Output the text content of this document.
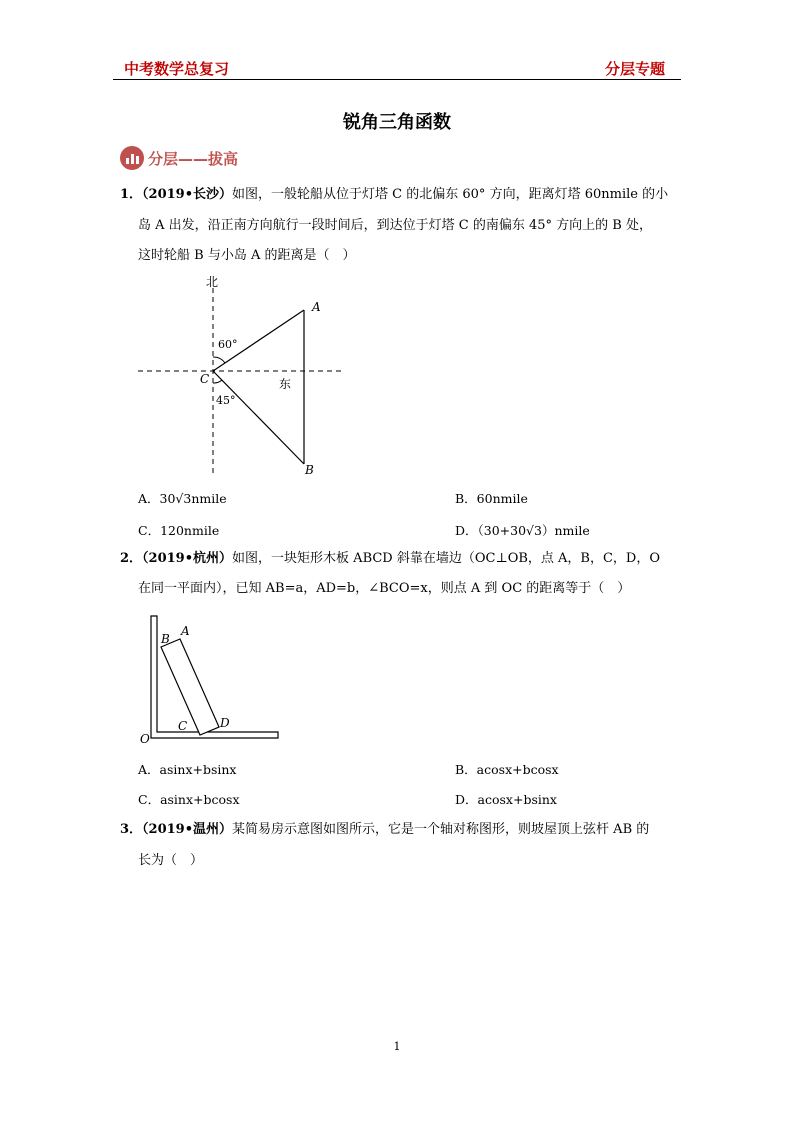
中考数学总复习	分层专题
锐角三角函数
分层——拔高
1．（2019•长沙）如图，一般轮船从位于灯塔 C 的北偏东 60° 方向，距离灯塔 60nmile 的小
岛 A 出发，沿正南方向航行一段时间后，到达位于灯塔 C 的南偏东 45° 方向上的 B 处，
这时轮船 B 与小岛 A 的距离是（　）
北
东
A
B
C
60°
45°
A．30√3nmile	B．60nmile
C．120nmile	D．（30+30√3）nmile
2．（2019•杭州）如图，一块矩形木板 ABCD 斜靠在墙边（OC⊥OB，点 A，B，C，D，O
在同一平面内），已知 AB=a，AD=b，∠BCO=x，则点 A 到 OC 的距离等于（　）
B
A
C	D
O
A．asinx+bsinx	B．acosx+bcosx
C．asinx+bcosx	D．acosx+bsinx
3．（2019•温州）某简易房示意图如图所示，它是一个轴对称图形，则坡屋顶上弦杆 AB 的
长为（　）
1
